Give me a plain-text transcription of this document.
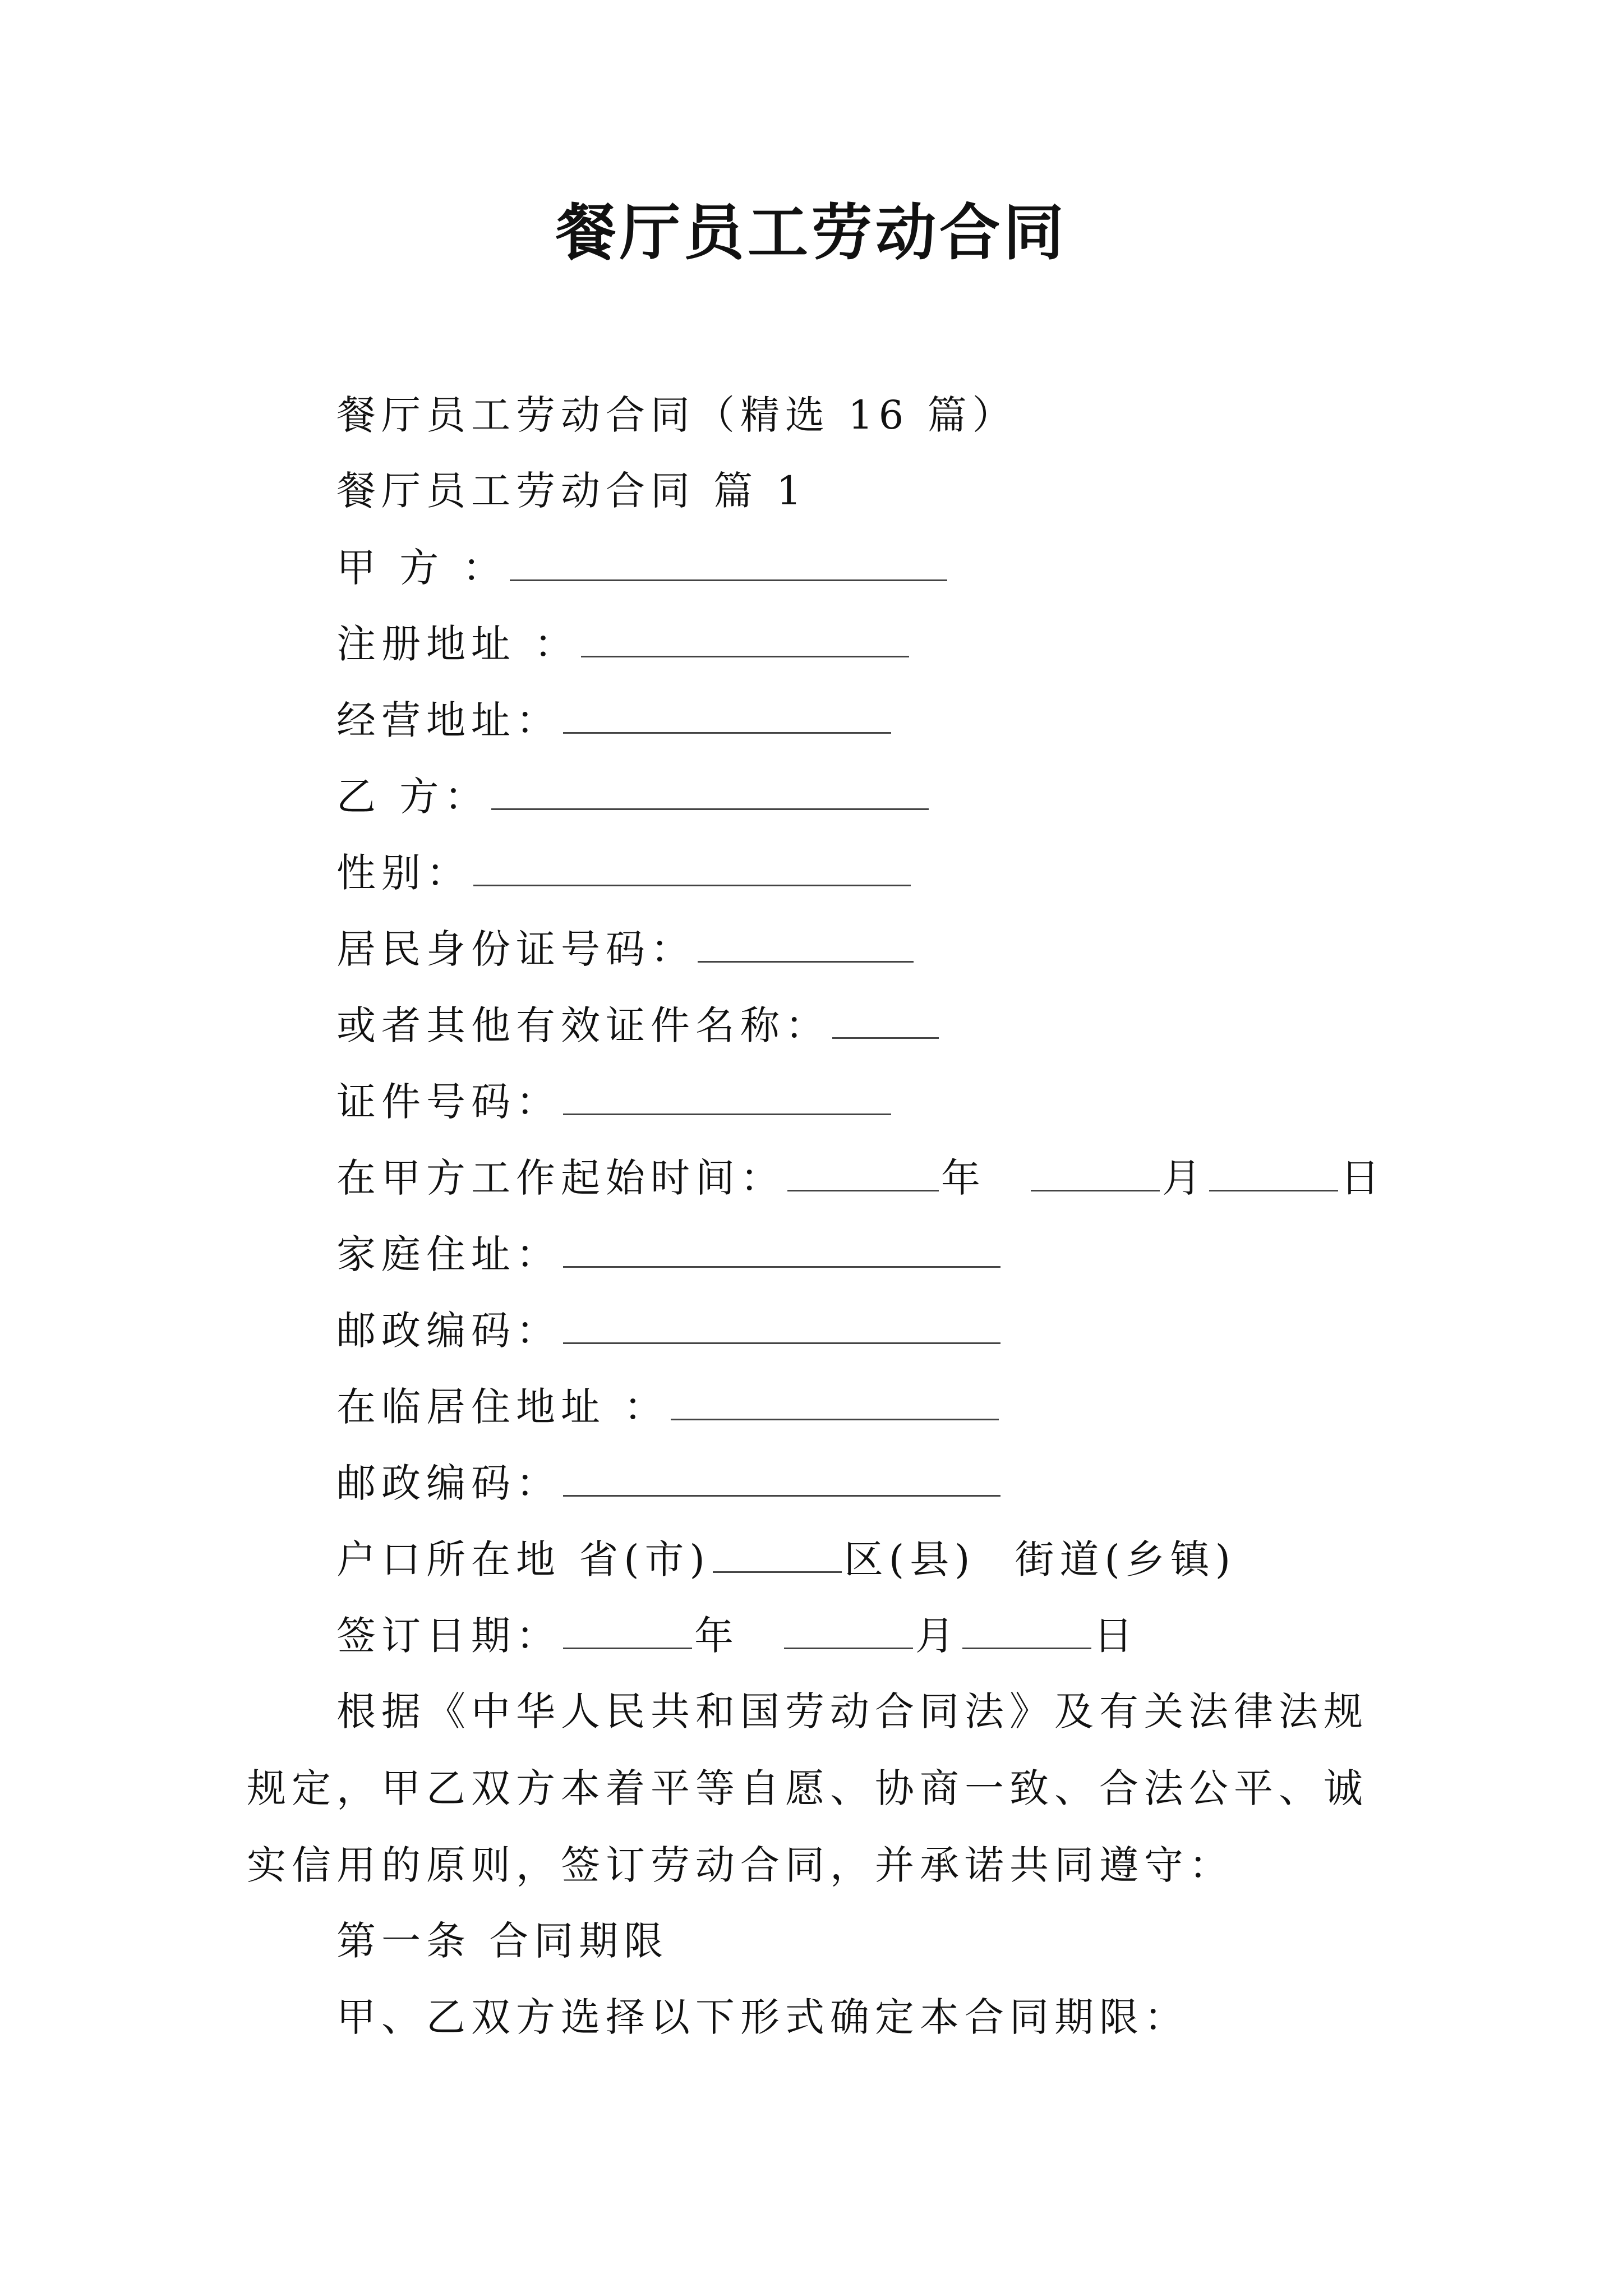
餐厅员工劳动合同
餐厅员工劳动合同（精选 16 篇）
餐厅员工劳动合同 篇 1
甲 方 ：
注册地址 ：
经营地址：
乙 方：
性别：
居民身份证号码：
或者其他有效证件名称：
证件号码：
在甲方工作起始时间：	年	月	日
家庭住址：
邮政编码：
在临居住地址 ：
邮政编码：
户口所在地 省(市)	区(县) 街道(乡镇)
签订日期：	年	月	日

根据《中华人民共和国劳动合同法》及有关法律法规规定，甲乙双方本着平等自愿、协商一致、合法公平、诚实信用的原则，签订劳动合同，并承诺共同遵守：

第一条 合同期限
甲、乙双方选择以下形式确定本合同期限：
